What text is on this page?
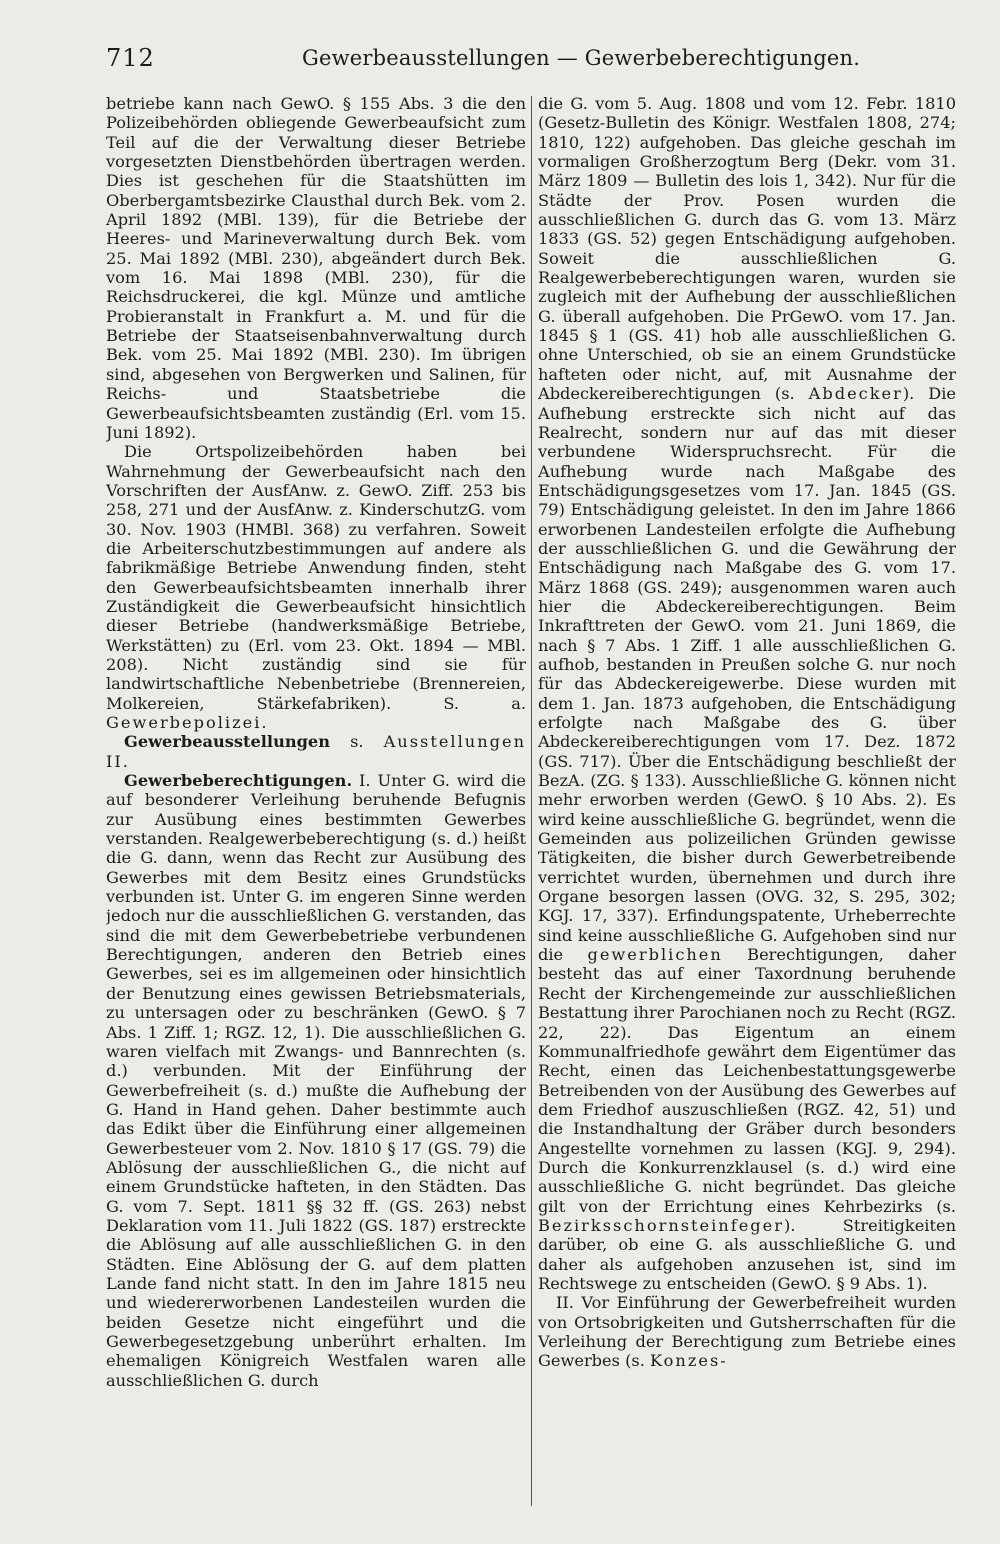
712	Gewerbeausstellungen — Gewerbeberechtigungen.

betriebe kann nach GewO. § 155 Abs. 3 die den Polizeibehörden obliegende Gewerbeaufsicht zum Teil auf die der Verwaltung dieser Betriebe vorgesetzten Dienstbehörden übertragen werden. Dies ist geschehen für die Staatshütten im Oberbergamtsbezirke Clausthal durch Bek. vom 2. April 1892 (MBl. 139), für die Betriebe der Heeres- und Marineverwaltung durch Bek. vom 25. Mai 1892 (MBl. 230), abgeändert durch Bek. vom 16. Mai 1898 (MBl. 230), für die Reichsdruckerei, die kgl. Münze und amtliche Probieranstalt in Frankfurt a. M. und für die Betriebe der Staatseisenbahnverwaltung durch Bek. vom 25. Mai 1892 (MBl. 230). Im übrigen sind, abgesehen von Bergwerken und Salinen, für Reichs- und Staatsbetriebe die Gewerbeaufsichtsbeamten zuständig (Erl. vom 15. Juni 1892).

Die Ortspolizeibehörden haben bei Wahrnehmung der Gewerbeaufsicht nach den Vorschriften der AusfAnw. z. GewO. Ziff. 253 bis 258, 271 und der AusfAnw. z. KinderschutzG. vom 30. Nov. 1903 (HMBl. 368) zu verfahren. Soweit die Arbeiterschutzbestimmungen auf andere als fabrikmäßige Betriebe Anwendung finden, steht den Gewerbeaufsichtsbeamten innerhalb ihrer Zuständigkeit die Gewerbeaufsicht hinsichtlich dieser Betriebe (handwerksmäßige Betriebe, Werkstätten) zu (Erl. vom 23. Okt. 1894 — MBl. 208). Nicht zuständig sind sie für landwirtschaftliche Nebenbetriebe (Brennereien, Molkereien, Stärkefabriken). S. a. Gewerbepolizei.

Gewerbeausstellungen s. Ausstellungen II.

Gewerbeberechtigungen. I. Unter G. wird die auf besonderer Verleihung beruhende Befugnis zur Ausübung eines bestimmten Gewerbes verstanden. Realgewerbeberechtigung (s. d.) heißt die G. dann, wenn das Recht zur Ausübung des Gewerbes mit dem Besitz eines Grundstücks verbunden ist. Unter G. im engeren Sinne werden jedoch nur die ausschließlichen G. verstanden, das sind die mit dem Gewerbebetriebe verbundenen Berechtigungen, anderen den Betrieb eines Gewerbes, sei es im allgemeinen oder hinsichtlich der Benutzung eines gewissen Betriebsmaterials, zu untersagen oder zu beschränken (GewO. § 7 Abs. 1 Ziff. 1; RGZ. 12, 1). Die ausschließlichen G. waren vielfach mit Zwangs- und Bannrechten (s. d.) verbunden. Mit der Einführung der Gewerbefreiheit (s. d.) mußte die Aufhebung der G. Hand in Hand gehen. Daher bestimmte auch das Edikt über die Einführung einer allgemeinen Gewerbesteuer vom 2. Nov. 1810 § 17 (GS. 79) die Ablösung der ausschließlichen G., die nicht auf einem Grundstücke hafteten, in den Städten. Das G. vom 7. Sept. 1811 §§ 32 ff. (GS. 263) nebst Deklaration vom 11. Juli 1822 (GS. 187) erstreckte die Ablösung auf alle ausschließlichen G. in den Städten. Eine Ablösung der G. auf dem platten Lande fand nicht statt. In den im Jahre 1815 neu und wiedererworbenen Landesteilen wurden die beiden Gesetze nicht eingeführt und die Gewerbegesetzgebung unberührt erhalten. Im ehemaligen Königreich Westfalen waren alle ausschließlichen G. durch

die G. vom 5. Aug. 1808 und vom 12. Febr. 1810 (Gesetz-Bulletin des Königr. Westfalen 1808, 274; 1810, 122) aufgehoben. Das gleiche geschah im vormaligen Großherzogtum Berg (Dekr. vom 31. März 1809 — Bulletin des lois 1, 342). Nur für die Städte der Prov. Posen wurden die ausschließlichen G. durch das G. vom 13. März 1833 (GS. 52) gegen Entschädigung aufgehoben. Soweit die ausschließlichen G. Realgewerbeberechtigungen waren, wurden sie zugleich mit der Aufhebung der ausschließlichen G. überall aufgehoben. Die PrGewO. vom 17. Jan. 1845 § 1 (GS. 41) hob alle ausschließlichen G. ohne Unterschied, ob sie an einem Grundstücke hafteten oder nicht, auf, mit Ausnahme der Abdeckereiberechtigungen (s. Abdecker). Die Aufhebung erstreckte sich nicht auf das Realrecht, sondern nur auf das mit dieser verbundene Widerspruchsrecht. Für die Aufhebung wurde nach Maßgabe des Entschädigungsgesetzes vom 17. Jan. 1845 (GS. 79) Entschädigung geleistet. In den im Jahre 1866 erworbenen Landesteilen erfolgte die Aufhebung der ausschließlichen G. und die Gewährung der Entschädigung nach Maßgabe des G. vom 17. März 1868 (GS. 249); ausgenommen waren auch hier die Abdeckereiberechtigungen. Beim Inkrafttreten der GewO. vom 21. Juni 1869, die nach § 7 Abs. 1 Ziff. 1 alle ausschließlichen G. aufhob, bestanden in Preußen solche G. nur noch für das Abdeckereigewerbe. Diese wurden mit dem 1. Jan. 1873 aufgehoben, die Entschädigung erfolgte nach Maßgabe des G. über Abdeckereiberechtigungen vom 17. Dez. 1872 (GS. 717). Über die Entschädigung beschließt der BezA. (ZG. § 133). Ausschließliche G. können nicht mehr erworben werden (GewO. § 10 Abs. 2). Es wird keine ausschließliche G. begründet, wenn die Gemeinden aus polizeilichen Gründen gewisse Tätigkeiten, die bisher durch Gewerbetreibende verrichtet wurden, übernehmen und durch ihre Organe besorgen lassen (OVG. 32, S. 295, 302; KGJ. 17, 337). Erfindungspatente, Urheberrechte sind keine ausschließliche G. Aufgehoben sind nur die gewerblichen Berechtigungen, daher besteht das auf einer Taxordnung beruhende Recht der Kirchengemeinde zur ausschließlichen Bestattung ihrer Parochianen noch zu Recht (RGZ. 22, 22). Das Eigentum an einem Kommunalfriedhofe gewährt dem Eigentümer das Recht, einen das Leichenbestattungsgewerbe Betreibenden von der Ausübung des Gewerbes auf dem Friedhof auszuschließen (RGZ. 42, 51) und die Instandhaltung der Gräber durch besonders Angestellte vornehmen zu lassen (KGJ. 9, 294). Durch die Konkurrenzklausel (s. d.) wird eine ausschließliche G. nicht begründet. Das gleiche gilt von der Errichtung eines Kehrbezirks (s. Bezirksschornsteinfeger). Streitigkeiten darüber, ob eine G. als ausschließliche G. und daher als aufgehoben anzusehen ist, sind im Rechtswege zu entscheiden (GewO. § 9 Abs. 1).

II. Vor Einführung der Gewerbefreiheit wurden von Ortsobrigkeiten und Gutsherrschaften für die Verleihung der Berechtigung zum Betriebe eines Gewerbes (s. Konzes-
